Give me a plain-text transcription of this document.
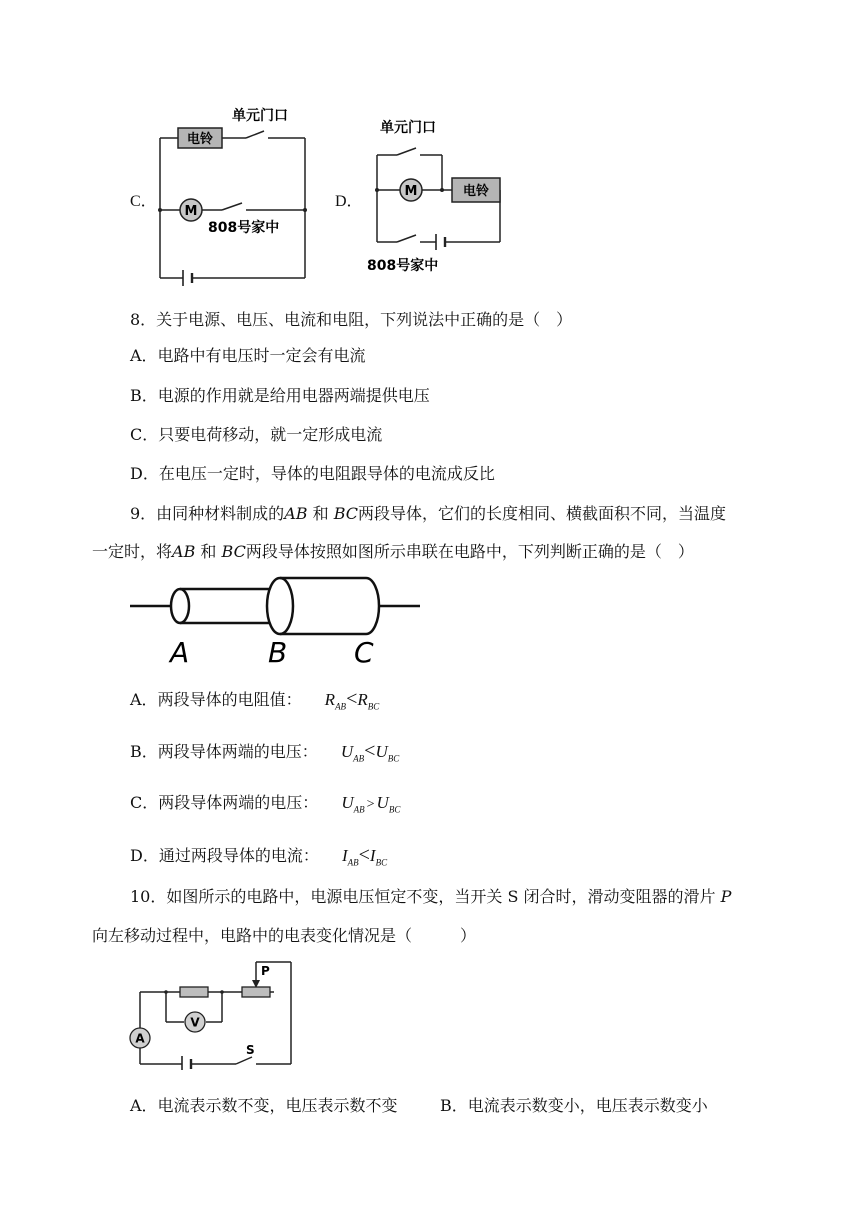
C．
电铃
M
单元门口
808号家中
D．
M	电铃
单元门口
808号家中
8．关于电源、电压、电流和电阻，下列说法中正确的是（　）
A．电路中有电压时一定会有电流
B．电源的作用就是给用电器两端提供电压
C．只要电荷移动，就一定形成电流
D．在电压一定时，导体的电阻跟导体的电流成反比
9．由同种材料制成的AB 和 BC两段导体，它们的长度相同、横截面积不同，当温度
一定时，将AB 和 BC两段导体按照如图所示串联在电路中，下列判断正确的是（　）
A	B C
A．两段导体的电阻值： $R_{AB}<R_{BC}$
B．两段导体两端的电压： $U_{AB}<U_{BC}$
C．两段导体两端的电压： $U_{AB} > U_{BC}$
D．通过两段导体的电流： $I_{AB}<I_{BC}$
10．如图所示的电路中，电源电压恒定不变，当开关 S 闭合时，滑动变阻器的滑片 P
向左移动过程中，电路中的电表变化情况是（　　　）
V
A
P
S
A．电流表示数不变，电压表示数不变	B．电流表示数变小，电压表示数变小
